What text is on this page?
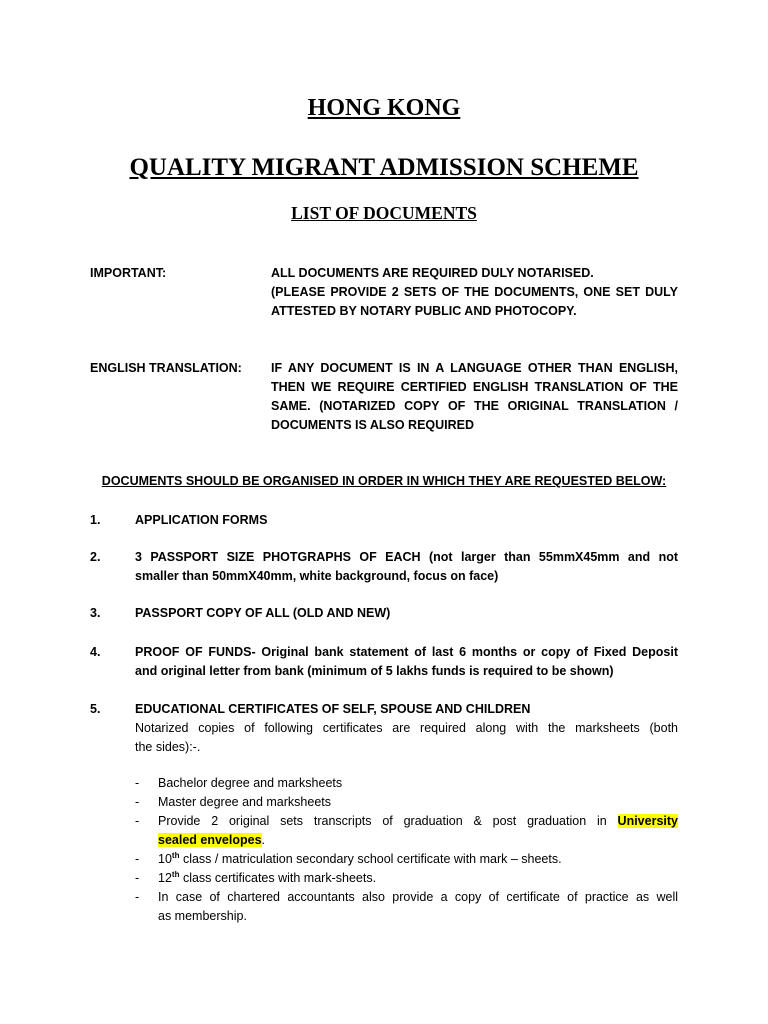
HONG KONG
QUALITY MIGRANT ADMISSION SCHEME
LIST OF DOCUMENTS
IMPORTANT:	ALL DOCUMENTS ARE REQUIRED DULY NOTARISED.
(PLEASE PROVIDE 2 SETS OF THE DOCUMENTS, ONE SET DULY
ATTESTED BY NOTARY PUBLIC AND PHOTOCOPY.
ENGLISH TRANSLATION: IF ANY DOCUMENT IS IN A LANGUAGE OTHER THAN ENGLISH,
THEN WE REQUIRE CERTIFIED ENGLISH TRANSLATION OF THE
SAME. (NOTARIZED COPY OF THE ORIGINAL TRANSLATION /
DOCUMENTS IS ALSO REQUIRED
DOCUMENTS SHOULD BE ORGANISED IN ORDER IN WHICH THEY ARE REQUESTED BELOW:
1.	APPLICATION FORMS
2.	3 PASSPORT SIZE PHOTGRAPHS OF EACH (not larger than 55mmX45mm and not
smaller than 50mmX40mm, white background, focus on face)
3.	PASSPORT COPY OF ALL (OLD AND NEW)
4.	PROOF OF FUNDS- Original bank statement of last 6 months or copy of Fixed Deposit
and original letter from bank (minimum of 5 lakhs funds is required to be shown)
5.	EDUCATIONAL CERTIFICATES OF SELF, SPOUSE AND CHILDREN
Notarized copies of following certificates are required along with the marksheets (both
the sides):-.
- Bachelor degree and marksheets
- Master degree and marksheets
- Provide 2 original sets transcripts of graduation & post graduation in University
sealed envelopes.
- 10th class / matriculation secondary school certificate with mark – sheets.
- 12th class certificates with mark-sheets.
- In case of chartered accountants also provide a copy of certificate of practice as well
as membership.
